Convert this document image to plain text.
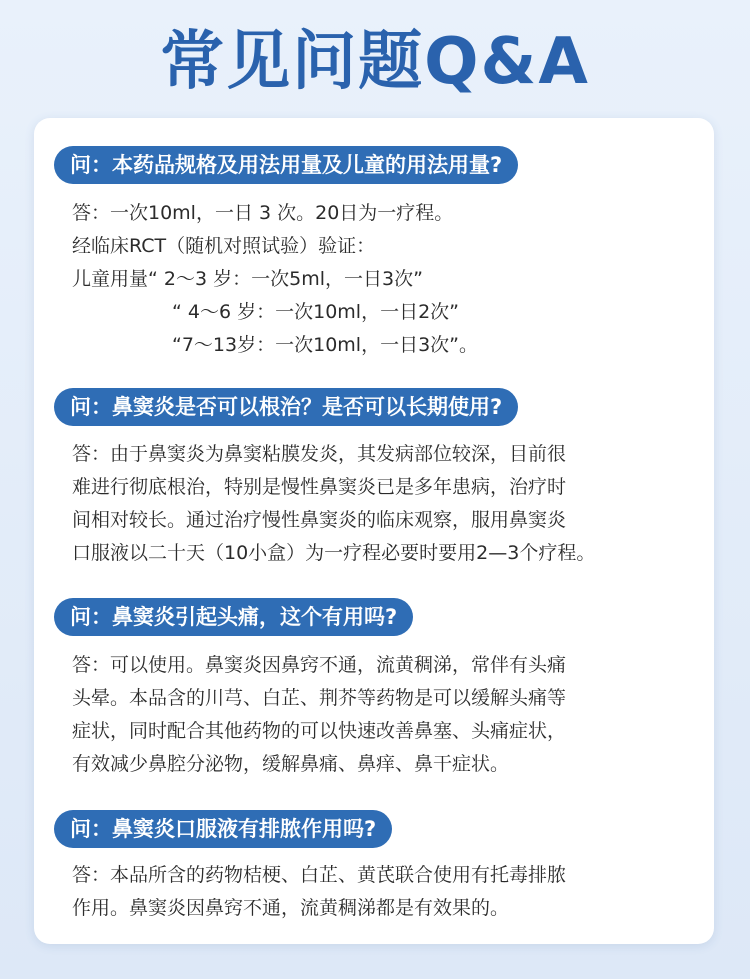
常见问题Q&A
问：本药品规格及用法用量及儿童的用法用量?
答：一次10ml，一日 3 次。20日为一疗程。
经临床RCT（随机对照试验）验证：
儿童用量“ 2～3 岁：一次5ml，一日3次”
“ 4～6 岁：一次10ml，一日2次”
“7～13岁：一次10ml，一日3次”。
问：鼻窦炎是否可以根治？是否可以长期使用?
答：由于鼻窦炎为鼻窦粘膜发炎，其发病部位较深，目前很
难进行彻底根治，特别是慢性鼻窦炎已是多年患病，治疗时
间相对较长。通过治疗慢性鼻窦炎的临床观察，服用鼻窦炎
口服液以二十天（10小盒）为一疗程必要时要用2—3个疗程。
问：鼻窦炎引起头痛，这个有用吗?
答：可以使用。鼻窦炎因鼻窍不通，流黄稠涕，常伴有头痛
头晕。本品含的川芎、白芷、荆芥等药物是可以缓解头痛等
症状，同时配合其他药物的可以快速改善鼻塞、头痛症状，
有效减少鼻腔分泌物，缓解鼻痛、鼻痒、鼻干症状。
问：鼻窦炎口服液有排脓作用吗?
答：本品所含的药物桔梗、白芷、黄芪联合使用有托毒排脓
作用。鼻窦炎因鼻窍不通，流黄稠涕都是有效果的。
